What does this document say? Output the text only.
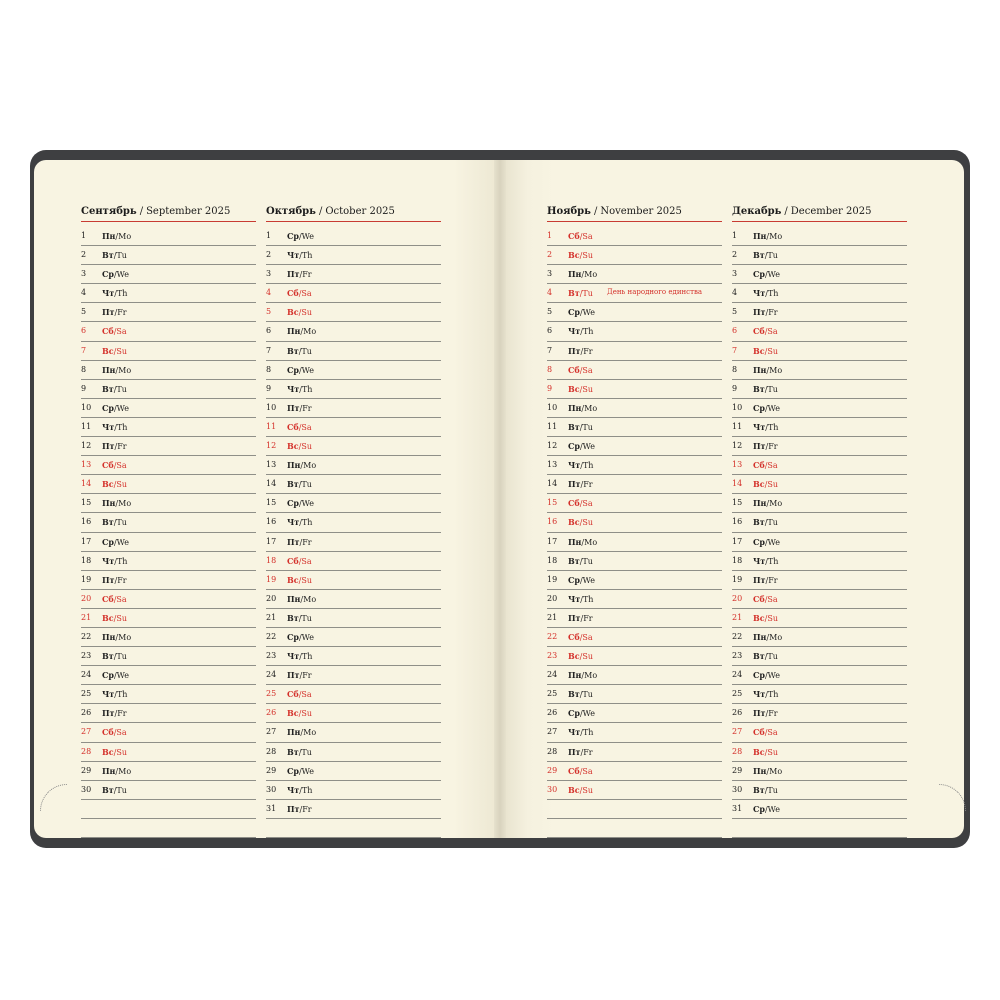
Сентябрь / September 2025
1	Пн/Mo
2	Вт/Tu
3	Ср/We
4	Чт/Th
5	Пт/Fr
6	Сб/Sa
7	Вс/Su
8	Пн/Mo
9	Вт/Tu
10	Ср/We
11	Чт/Th
12	Пт/Fr
13	Сб/Sa
14	Вс/Su
15	Пн/Mo
16	Вт/Tu
17	Ср/We
18	Чт/Th
19	Пт/Fr
20	Сб/Sa
21	Вс/Su
22	Пн/Mo
23	Вт/Tu
24	Ср/We
25	Чт/Th
26	Пт/Fr
27	Сб/Sa
28	Вс/Su
29	Пн/Mo
30	Вт/Tu
Октябрь / October 2025
1	Ср/We
2	Чт/Th
3	Пт/Fr
4	Сб/Sa
5	Вс/Su
6	Пн/Mo
7	Вт/Tu
8	Ср/We
9	Чт/Th
10	Пт/Fr
11	Сб/Sa
12	Вс/Su
13	Пн/Mo
14	Вт/Tu
15	Ср/We
16	Чт/Th
17	Пт/Fr
18	Сб/Sa
19	Вс/Su
20	Пн/Mo
21	Вт/Tu
22	Ср/We
23	Чт/Th
24	Пт/Fr
25	Сб/Sa
26	Вс/Su
27	Пн/Mo
28	Вт/Tu
29	Ср/We
30	Чт/Th
31	Пт/Fr
Ноябрь / November 2025
1	Сб/Sa
2	Вс/Su
3	Пн/Mo
4	Вт/Tu День народного единства
5	Ср/We
6	Чт/Th
7	Пт/Fr
8	Сб/Sa
9	Вс/Su
10	Пн/Mo
11	Вт/Tu
12	Ср/We
13	Чт/Th
14	Пт/Fr
15	Сб/Sa
16	Вс/Su
17	Пн/Mo
18	Вт/Tu
19	Ср/We
20	Чт/Th
21	Пт/Fr
22	Сб/Sa
23	Вс/Su
24	Пн/Mo
25	Вт/Tu
26	Ср/We
27	Чт/Th
28	Пт/Fr
29	Сб/Sa
30	Вс/Su
Декабрь / December 2025
1	Пн/Mo
2	Вт/Tu
3	Ср/We
4	Чт/Th
5	Пт/Fr
6	Сб/Sa
7	Вс/Su
8	Пн/Mo
9	Вт/Tu
10	Ср/We
11	Чт/Th
12	Пт/Fr
13	Сб/Sa
14	Вс/Su
15	Пн/Mo
16	Вт/Tu
17	Ср/We
18	Чт/Th
19	Пт/Fr
20	Сб/Sa
21	Вс/Su
22	Пн/Mo
23	Вт/Tu
24	Ср/We
25	Чт/Th
26	Пт/Fr
27	Сб/Sa
28	Вс/Su
29	Пн/Mo
30	Вт/Tu
31	Ср/We
